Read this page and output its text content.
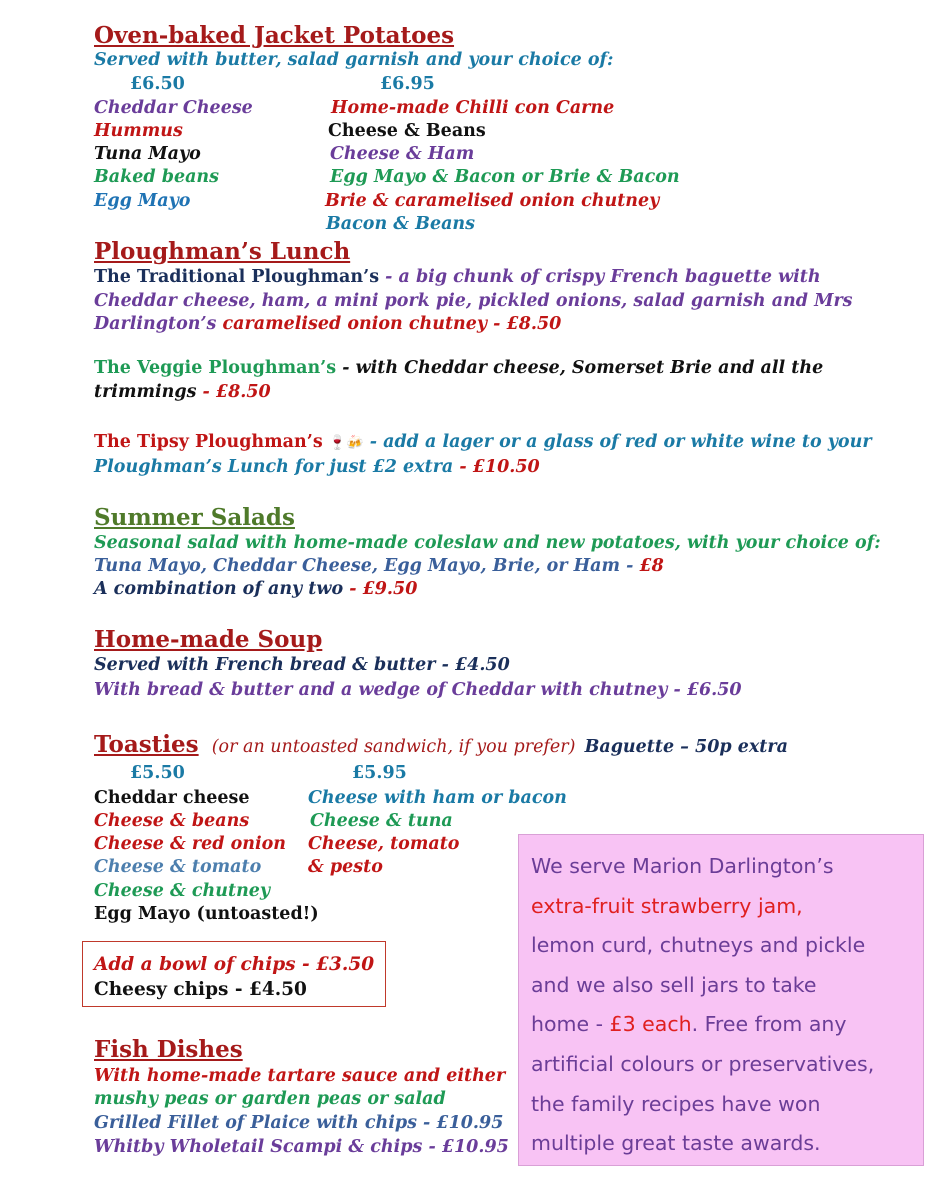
Oven-baked Jacket Potatoes
Served with butter, salad garnish and your choice of:
£6.50	£6.95
Cheddar Cheese
Hummus
Tuna Mayo
Baked beans
Egg Mayo
Home-made Chilli con Carne
Cheese & Beans
Cheese & Ham
Egg Mayo & Bacon or Brie & Bacon
Brie & caramelised onion chutney
Bacon & Beans
Ploughman’s Lunch
The Traditional Ploughman’s - a big chunk of crispy French baguette with
Cheddar cheese, ham, a mini pork pie, pickled onions, salad garnish and Mrs
Darlington’s caramelised onion chutney - £8.50
The Veggie Ploughman’s - with Cheddar cheese, Somerset Brie and all the
trimmings - £8.50
The Tipsy Ploughman’s 🍷🍻 - add a lager or a glass of red or white wine to your
Ploughman’s Lunch for just £2 extra - £10.50
Summer Salads
Seasonal salad with home-made coleslaw and new potatoes, with your choice of:
Tuna Mayo, Cheddar Cheese, Egg Mayo, Brie, or Ham - £8
A combination of any two - £9.50
Home-made Soup
Served with French bread & butter - £4.50
With bread & butter and a wedge of Cheddar with chutney - £6.50
Toasties (or an untoasted sandwich, if you prefer) Baguette – 50p extra
£5.50	£5.95
Cheddar cheese
Cheese & beans
Cheese & red onion
Cheese & tomato
Cheese & chutney
Egg Mayo (untoasted!)
Cheese with ham or bacon
Cheese & tuna
Cheese, tomato
& pesto
Add a bowl of chips - £3.50
Cheesy chips - £4.50
Fish Dishes
With home-made tartare sauce and either
mushy peas or garden peas or salad
Grilled Fillet of Plaice with chips - £10.95
Whitby Wholetail Scampi & chips - £10.95
We serve Marion Darlington’s
extra-fruit strawberry jam,
lemon curd, chutneys and pickle
and we also sell jars to take
home - £3 each. Free from any
artificial colours or preservatives,
the family recipes have won
multiple great taste awards.
